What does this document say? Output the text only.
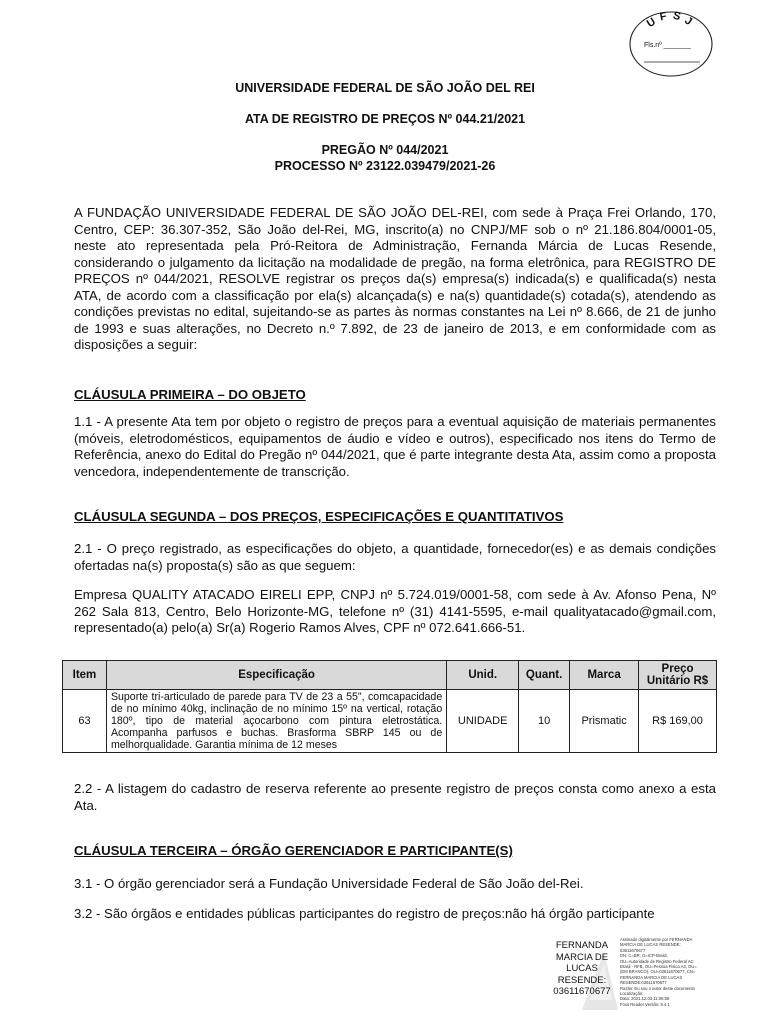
UFSJ
Fls.nº _______
UNIVERSIDADE FEDERAL DE SÃO JOÃO DEL REI
ATA DE REGISTRO DE PREÇOS Nº 044.21/2021
PREGÃO Nº 044/2021
PROCESSO Nº 23122.039479/2021-26

A FUNDAÇÃO UNIVERSIDADE FEDERAL DE SÃO JOÃO DEL-REI, com sede à Praça Frei Orlando, 170, Centro, CEP: 36.307-352, São João del-Rei, MG, inscrito(a) no CNPJ/MF sob o nº 21.186.804/0001-05, neste ato representada pela Pró-Reitora de Administração, Fernanda Márcia de Lucas Resende, considerando o julgamento da licitação na modalidade de pregão, na forma eletrônica, para REGISTRO DE PREÇOS nº 044/2021, RESOLVE registrar os preços da(s) empresa(s) indicada(s) e qualificada(s) nesta ATA, de acordo com a classificação por ela(s) alcançada(s) e na(s) quantidade(s) cotada(s), atendendo as condições previstas no edital, sujeitando-se as partes às normas constantes na Lei nº 8.666, de 21 de junho de 1993 e suas alterações, no Decreto n.º 7.892, de 23 de janeiro de 2013, e em conformidade com as disposições a seguir:

CLÁUSULA PRIMEIRA – DO OBJETO

1.1 - A presente Ata tem por objeto o registro de preços para a eventual aquisição de materiais permanentes (móveis, eletrodomésticos, equipamentos de áudio e vídeo e outros), especificado nos itens do Termo de Referência, anexo do Edital do Pregão nº 044/2021, que é parte integrante desta Ata, assim como a proposta vencedora, independentemente de transcrição.

CLÁUSULA SEGUNDA – DOS PREÇOS, ESPECIFICAÇÕES E QUANTITATIVOS

2.1 - O preço registrado, as especificações do objeto, a quantidade, fornecedor(es) e as demais condições ofertadas na(s) proposta(s) são as que seguem:

Empresa QUALITY ATACADO EIRELI EPP, CNPJ nº 5.724.019/0001-58, com sede à Av. Afonso Pena, Nº 262 Sala 813, Centro, Belo Horizonte-MG, telefone nº (31) 4141-5595, e-mail qualityatacado@gmail.com, representado(a) pelo(a) Sr(a) Rogerio Ramos Alves, CPF nº 072.641.666-51.

Item	Especificação	Unid.	Quant.	Marca	Preço Unitário R$
63	Suporte tri-articulado de parede para TV de 23 a 55", comcapacidade de no mínimo 40kg, inclinação de no mínimo 15º na vertical, rotação 180º, tipo de material açocarbono com pintura eletrostática. Acompanha parfusos e buchas. Brasforma SBRP 145 ou de melhorqualidade. Garantia mínima de 12 meses	UNIDADE	10	Prismatic	R$ 169,00

2.2 - A listagem do cadastro de reserva referente ao presente registro de preços consta como anexo a esta Ata.

CLÁUSULA TERCEIRA – ÓRGÃO GERENCIADOR E PARTICIPANTE(S)

3.1 - O órgão gerenciador será a Fundação Universidade Federal de São João del-Rei.

3.2 - São órgãos e entidades públicas participantes do registro de preços:não há órgão participante

FERNANDA
MARCIA DE
LUCAS
RESENDE:
03611670677
Assinado digitalmente por FERNANDA
MARCIA DE LUCAS RESENDE:
03611670677
DN: C=BR, O=ICP-Brasil,
OU=Autoridade de Registro Federal AC
Brasil - RFB, OU=Pessoa Fisica A3, OU=
(EM BRANCO), OU=03611670677, CN=
FERNANDA MARCIA DE LUCAS
RESENDE:03611670677
Razão: Eu sou o autor deste documento
Localização:
Data: 2021.12.03 11:06:58
Foxit Reader Versão: 9.4.1
